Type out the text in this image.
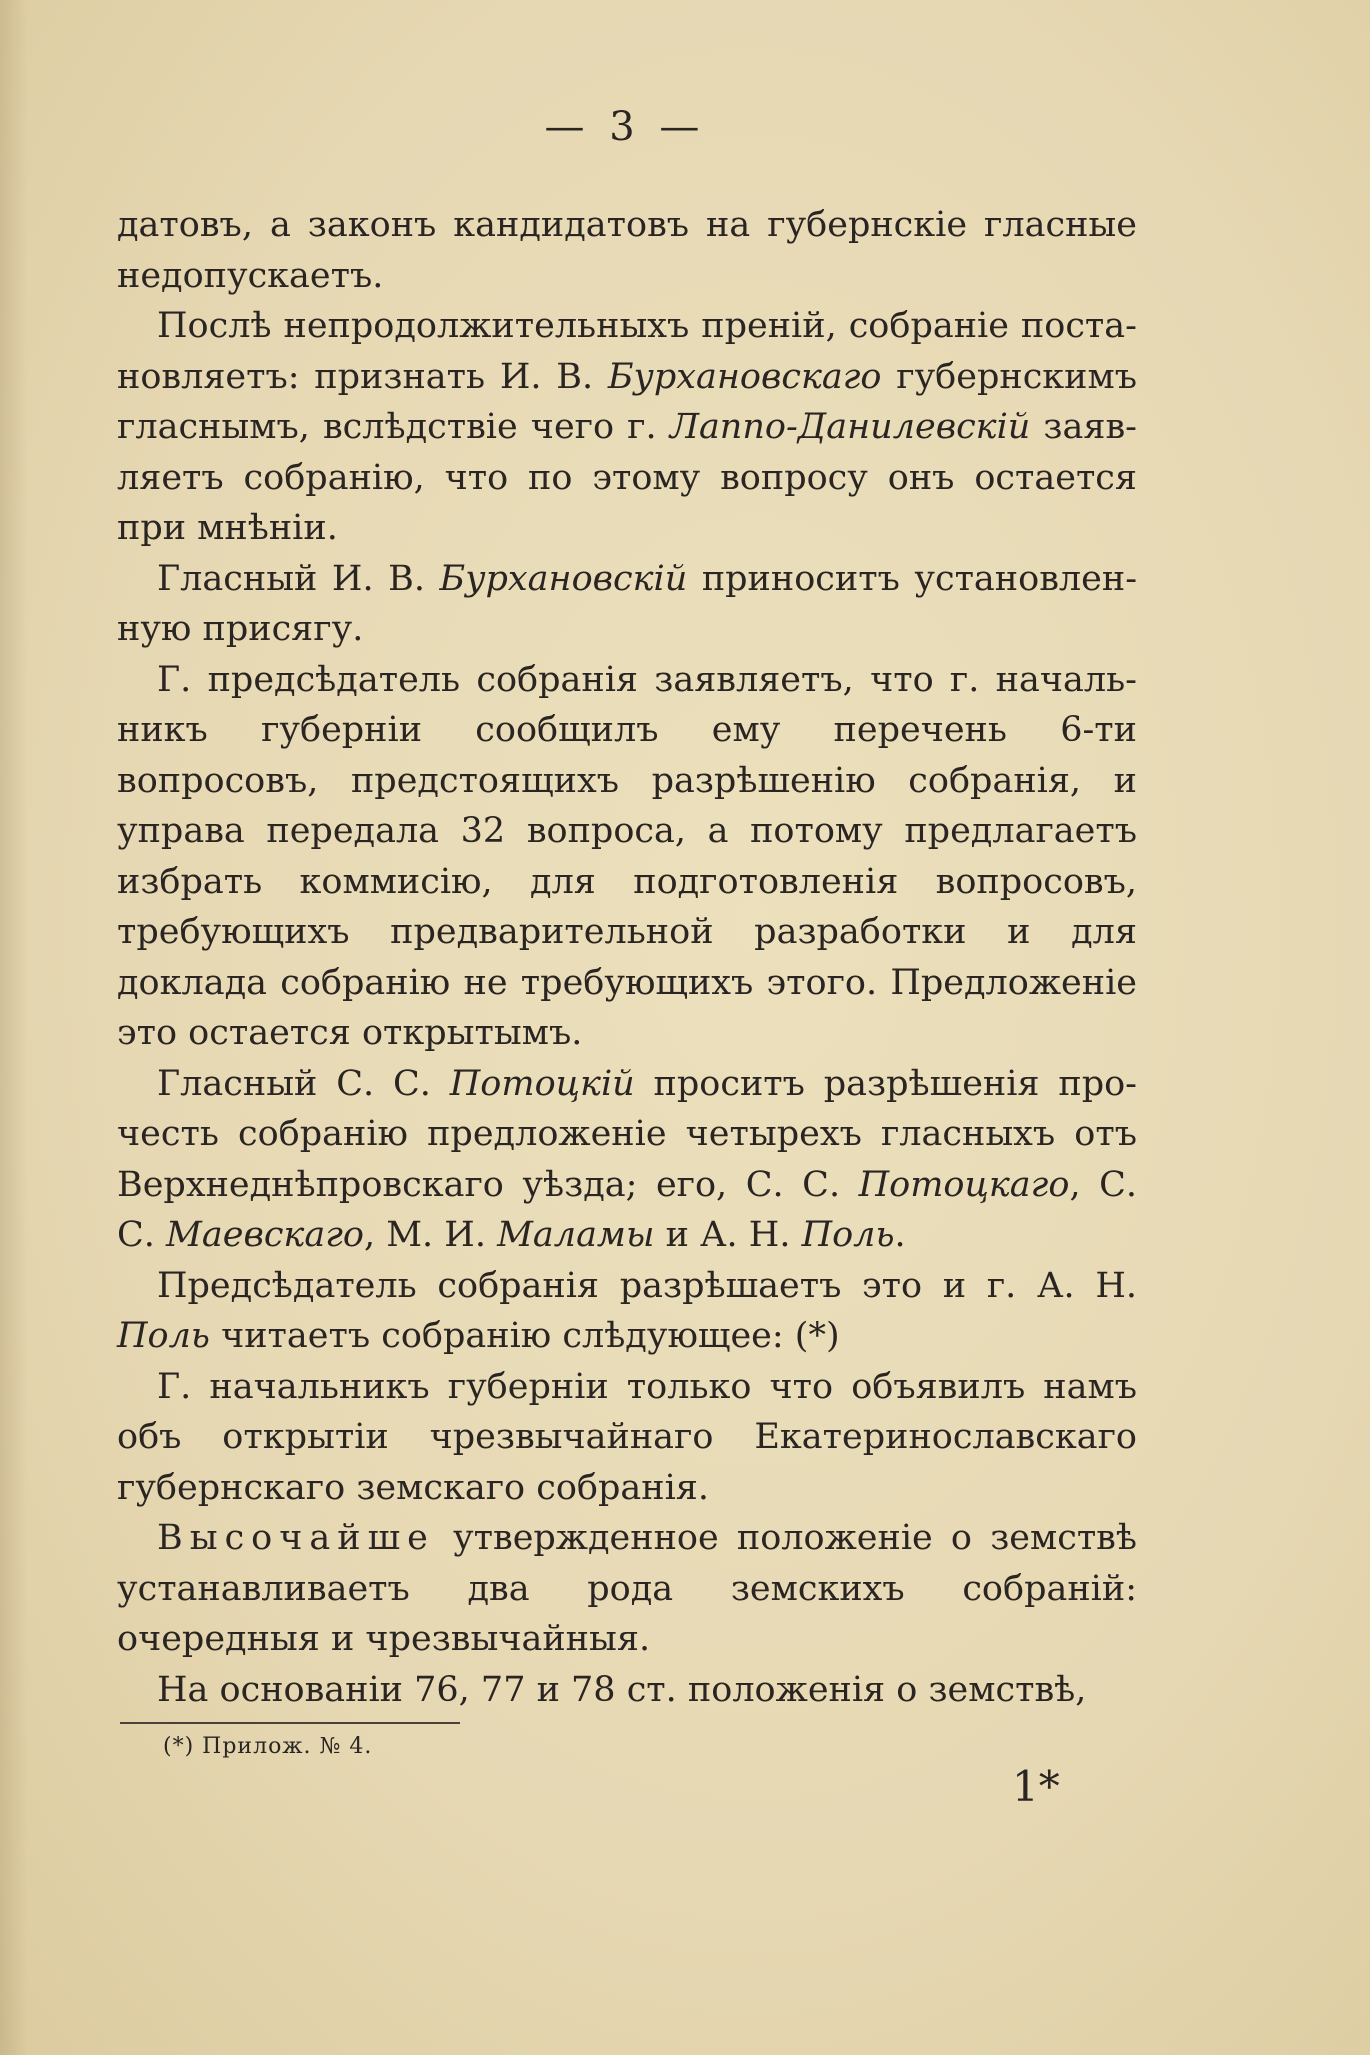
— 3 —

датовъ, а законъ кандидатовъ на губернскіе гласные недопускаетъ.

Послѣ непродолжительныхъ преній, собраніе постановляетъ: признать И. В. Бурхановскаго губернскимъ гласнымъ, вслѣдствіе чего г. Лаппо-Данилевскій заявляетъ собранію, что по этому вопросу онъ остается при мнѣніи.

Гласный И. В. Бурхановскій приноситъ установленную присягу.

Г. предсѣдатель собранія заявляетъ, что г. начальникъ губерніи сообщилъ ему перечень 6-ти вопросовъ, предстоящихъ разрѣшенію собранія, и управа передала 32 вопроса, а потому предлагаетъ избрать коммисію, для подготовленія вопросовъ, требующихъ предварительной разработки и для доклада собранію не требующихъ этого. Предложеніе это остается открытымъ.

Гласный С. С. Потоцкій проситъ разрѣшенія прочесть собранію предложеніе четырехъ гласныхъ отъ Верхнеднѣпровскаго уѣзда; его, С. С. Потоцкаго, С. С. Маевскаго, М. И. Маламы и А. Н. Поль.

Предсѣдатель собранія разрѣшаетъ это и г. А. Н. Поль читаетъ собранію слѣдующее: (*)

Г. начальникъ губерніи только что объявилъ намъ объ открытіи чрезвычайнаго Екатеринославскаго губернскаго земскаго собранія.

Высочайше утвержденное положеніе о земствѣ устанавливаетъ два рода земскихъ собраній: очередныя и чрезвычайныя.

На основаніи 76, 77 и 78 ст. положенія о земствѣ,

(*) Прилож. № 4.
1*
